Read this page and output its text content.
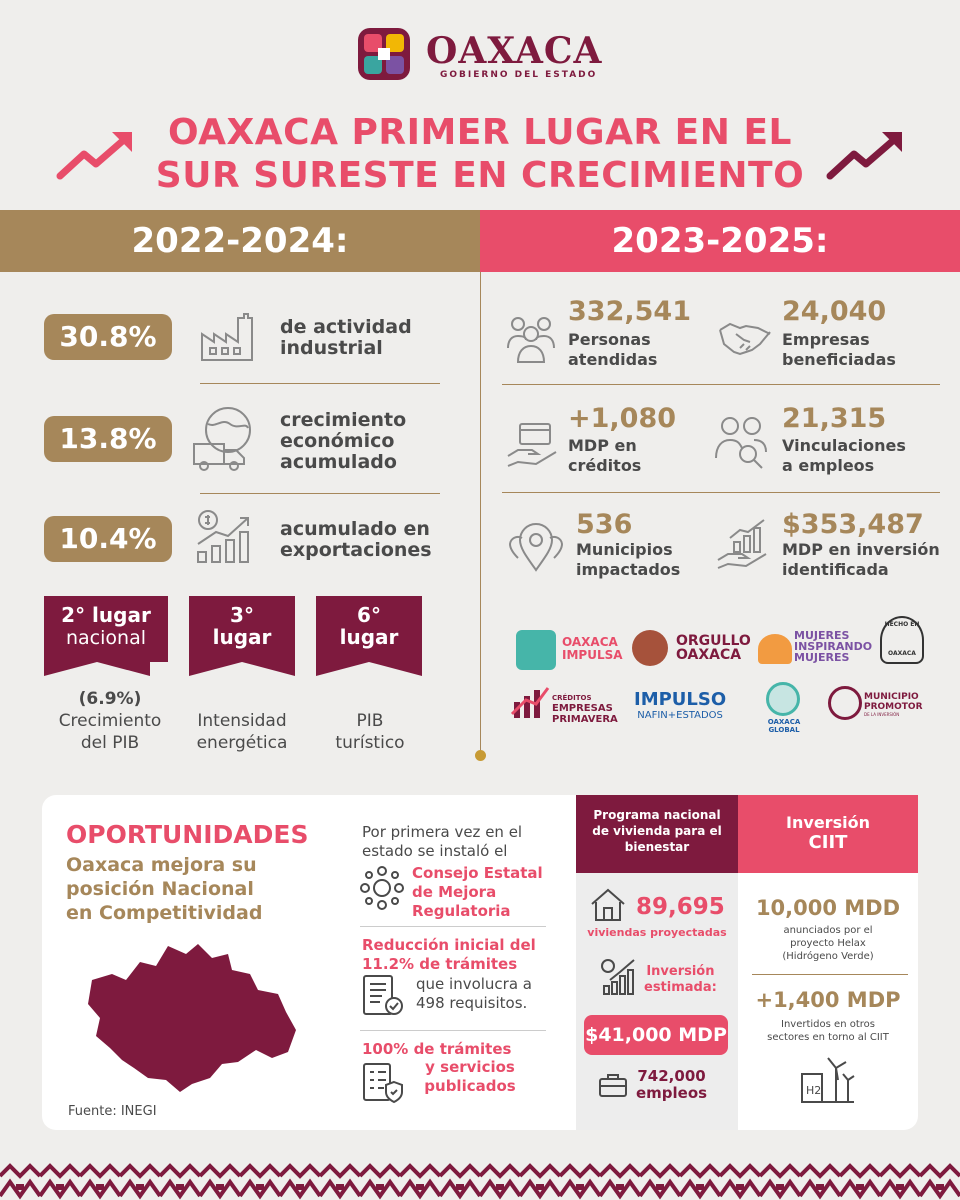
OAXACA
GOBIERNO DEL ESTADO
OAXACA PRIMER LUGAR EN EL
SUR SURESTE EN CRECIMIENTO
2022-2024:	2023-2025:
30.8%	de actividad
industrial
13.8%
crecimiento
económico
acumulado
10.4%	acumulado en
exportaciones
2° lugar
nacional
3°
lugar
6°
lugar
(6.9%)
Crecimiento
del PIB
Intensidad
energética
PIB
turístico
332,541
Personas
atendidas
24,040
Empresas
beneficiadas
+1,080
MDP en
créditos
21,315
Vinculaciones
a empleos
536
Municipios
impactados
$353,487
MDP en inversión
identificada
OAXACA
IMPULSA
ORGULLO
OAXACA
MUJERES
INSPIRANDO
MUJERES
HECHO EN
OAXACA
CRÉDITOS
EMPRESAS
PRIMAVERA
IMPULSO
NAFIN+ESTADOS
OAXACA
GLOBAL
MUNICIPIO
PROMOTOR
DE LA INVERSIÓN
OPORTUNIDADES
Oaxaca mejora su
posición Nacional
en Competitividad
Fuente: INEGI
Por primera vez en el
estado se instaló el
Consejo Estatal
de Mejora
Regulatoria
Reducción inicial del
11.2% de trámites
que involucra a
498 requisitos.
100% de trámites
y servicios
publicados
Programa nacional
de vivienda para el
bienestar
89,695
viviendas proyectadas
Inversión
estimada:
$41,000 MDP
742,000
empleos
Inversión
CIIT
10,000 MDD
anunciados por el
proyecto Helax
(Hidrógeno Verde)
+1,400 MDP
Invertidos en otros
sectores en torno al CIIT
H2
